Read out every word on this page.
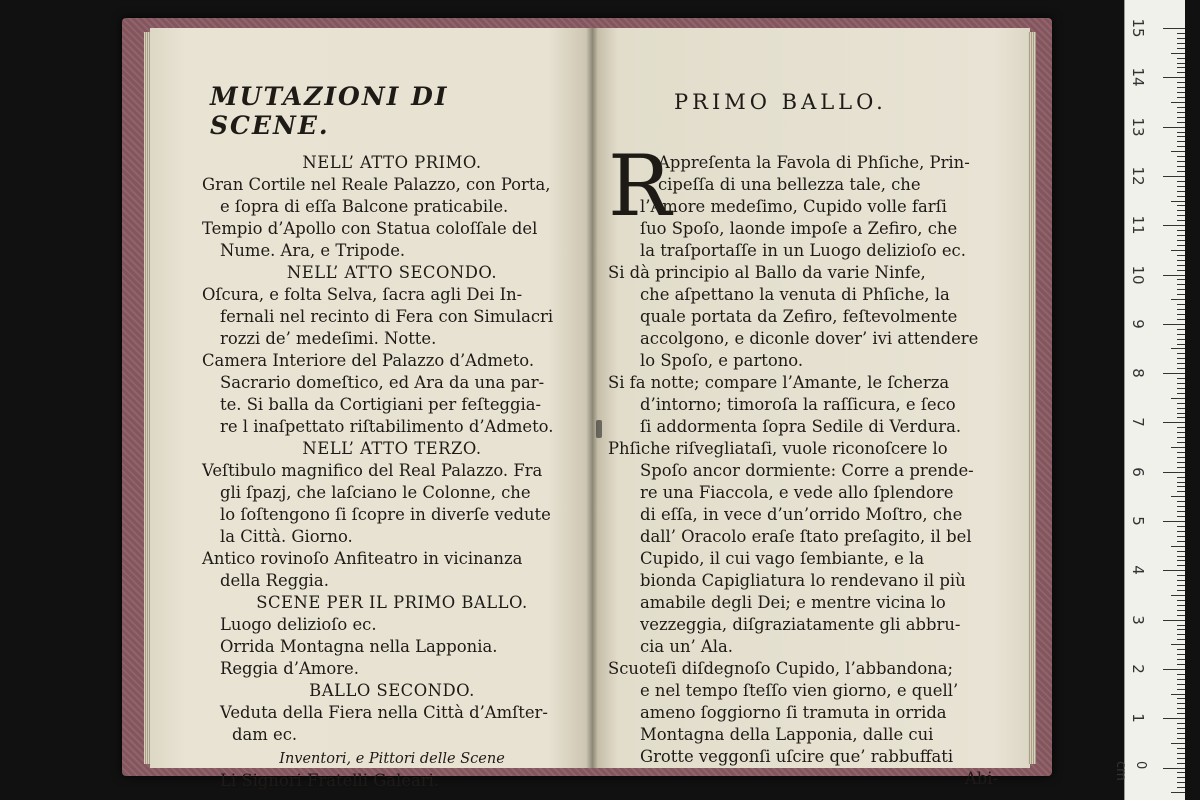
MUTAZIONI DI SCENE.
NELL’ ATTO PRIMO.
Gran Cortile nel Reale Palazzo, con Porta,
e ſopra di eſſa Balcone praticabile.
Tempio d’Apollo con Statua coloſſale del
Nume. Ara, e Tripode.
NELL’ ATTO SECONDO.
Oſcura, e folta Selva, ſacra agli Dei In-
fernali nel recinto di Fera con Simulacri
rozzi de’ medeſimi. Notte.
Camera Interiore del Palazzo d’Admeto.
Sacrario domeſtico, ed Ara da una par-
te. Si balla da Cortigiani per feſteggia-
re l inaſpettato riſtabilimento d’Admeto.
NELL’ ATTO TERZO.
Veſtibulo magnifico del Real Palazzo. Fra
gli ſpazj, che laſciano le Colonne, che
lo ſoſtengono ſi ſcopre in diverſe vedute
la Città. Giorno.
Antico rovinoſo Anfiteatro in vicinanza
della Reggia.
SCENE PER IL PRIMO BALLO.
Luogo delizioſo ec.
Orrida Montagna nella Lapponia.
Reggia d’Amore.
BALLO SECONDO.
Veduta della Fiera nella Città d’Amſter-
dam ec.
Inventori, e Pittori delle Scene
Li Signori Fratelli Galeari.
PRIMO BALLO.
R
Appreſenta la Favola di Phſiche, Prin-
cipeſſa di una bellezza tale, che
l’Amore medeſimo, Cupido volle farſi
ſuo Spoſo, laonde impoſe a Zefiro, che
la traſportaſſe in un Luogo delizioſo ec.
Si dà principio al Ballo da varie Ninfe,
che aſpettano la venuta di Phſiche, la
quale portata da Zefiro, feſtevolmente
accolgono, e diconle dover’ ivi attendere
lo Spoſo, e partono.
Si fa notte; compare l’Amante, le ſcherza
d’intorno; timoroſa la raſſicura, e ſeco
ſi addormenta ſopra Sedile di Verdura.
Phſiche riſvegliataſi, vuole riconoſcere lo
Spoſo ancor dormiente: Corre a prende-
re una Fiaccola, e vede allo ſplendore
di eſſa, in vece d’un’orrido Moſtro, che
dall’ Oracolo eraſe ſtato preſagito, il bel
Cupido, il cui vago ſembiante, e la
bionda Capigliatura lo rendevano il più
amabile degli Dei; e mentre vicina lo
vezzeggia, diſgraziatamente gli abbru-
cia un’ Ala.
Scuoteſi diſdegnoſo Cupido, l’abbandona;
e nel tempo ſteſſo vien giorno, e quell’
ameno ſoggiorno ſi tramuta in orrida
Montagna della Lapponia, dalle cui
Grotte veggonſi uſcire que’ rabbuffati
Abi-
0 cm
15
14
13
12
11
10
9
8
7
6
5
4
3
2
1
